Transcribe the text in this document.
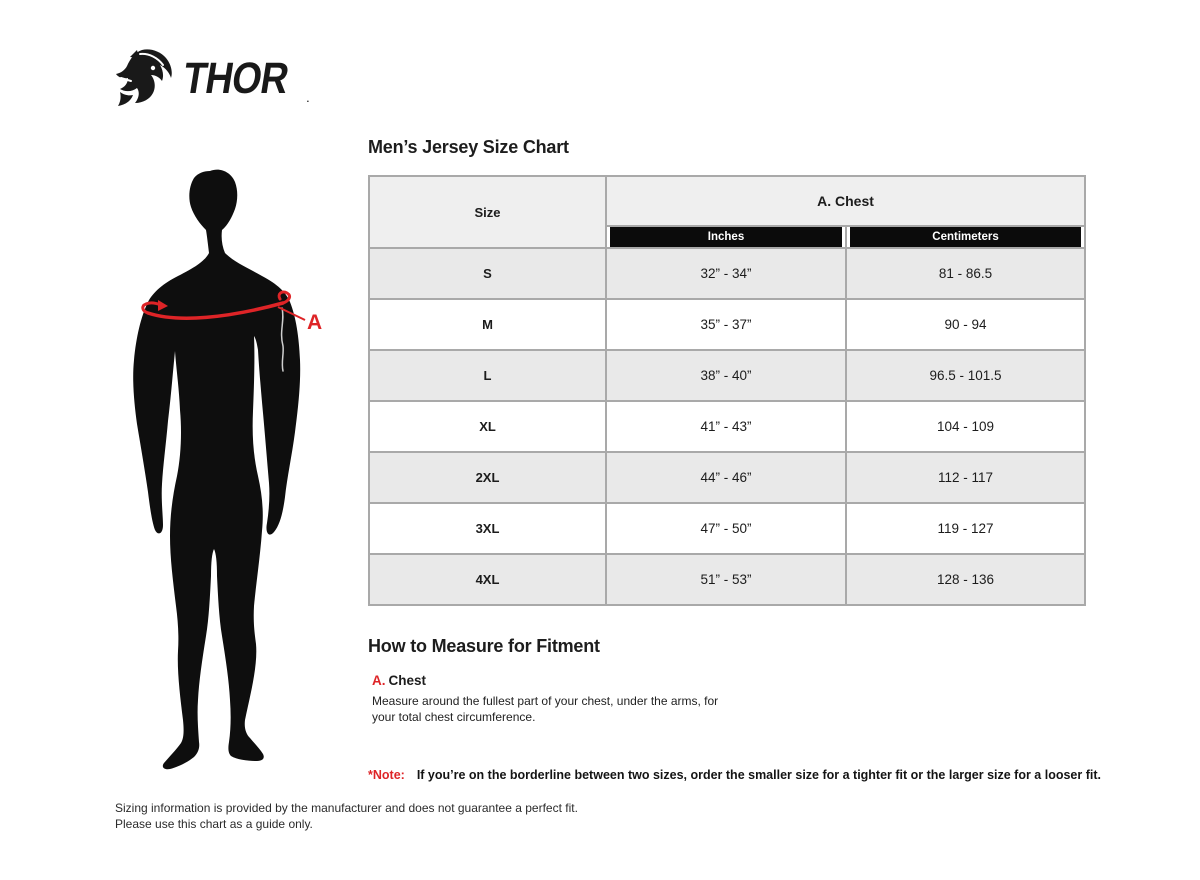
THOR .
A
Men’s Jersey Size Chart
Size	A. Chest	

	Inches	Centimeters

S	32” - 34”	81 - 86.5
M	35” - 37”	90 - 94
L	38” - 40”	96.5 - 101.5
XL	41” - 43”	104 - 109
2XL	44” - 46”	112 - 117
3XL	47” - 50”	119 - 127
4XL	51” - 53”	128 - 136
How to Measure for Fitment
A. Chest

Measure around the fullest part of your chest, under the arms, for your total chest circumference.

*Note: If you’re on the borderline between two sizes, order the smaller size for a tighter fit or the larger size for a looser fit.
Sizing information is provided by the manufacturer and does not guarantee a perfect fit.
Please use this chart as a guide only.
